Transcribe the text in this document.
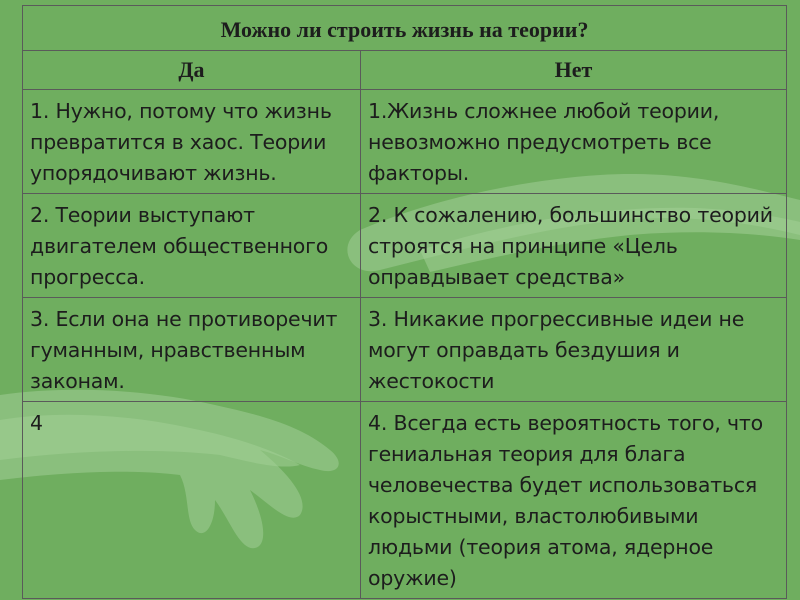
Можно ли строить жизнь на теории?	
Да	Нет
1. Нужно, потому что жизнь превратится в хаос. Теории упорядочивают жизнь.	1.Жизнь сложнее любой теории, невозможно предусмотреть все факторы.
2. Теории выступают двигателем общественного прогресса.	2. К сожалению, большинство теорий строятся на принципе «Цель оправдывает средства»
3. Если она не противоречит гуманным, нравственным законам.	3. Никакие прогрессивные идеи не могут оправдать бездушия и жестокости
4	4. Всегда есть вероятность того, что гениальная теория для блага человечества будет использоваться корыстными, властолюбивыми людьми (теория атома, ядерное оружие)
